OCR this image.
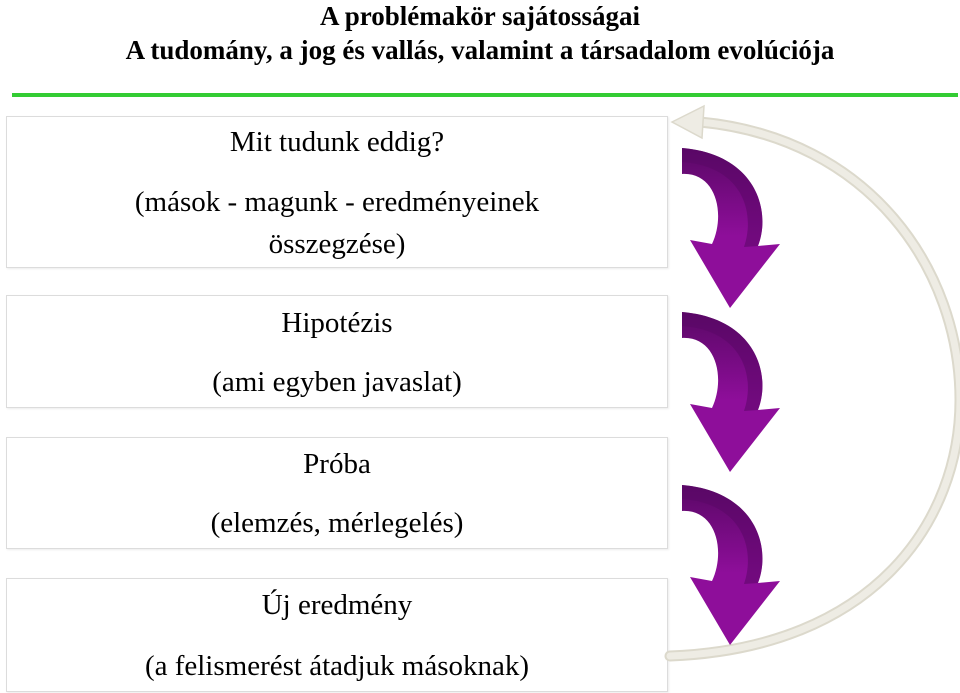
A problémakör sajátosságai
A tudomány, a jog és vallás, valamint a társadalom evolúciója
Mit tudunk eddig?
(mások - magunk - eredményeinek
összegzése)
Hipotézis
(ami egyben javaslat)
Próba
(elemzés, mérlegelés)
Új eredmény
(a felismerést átadjuk másoknak)
